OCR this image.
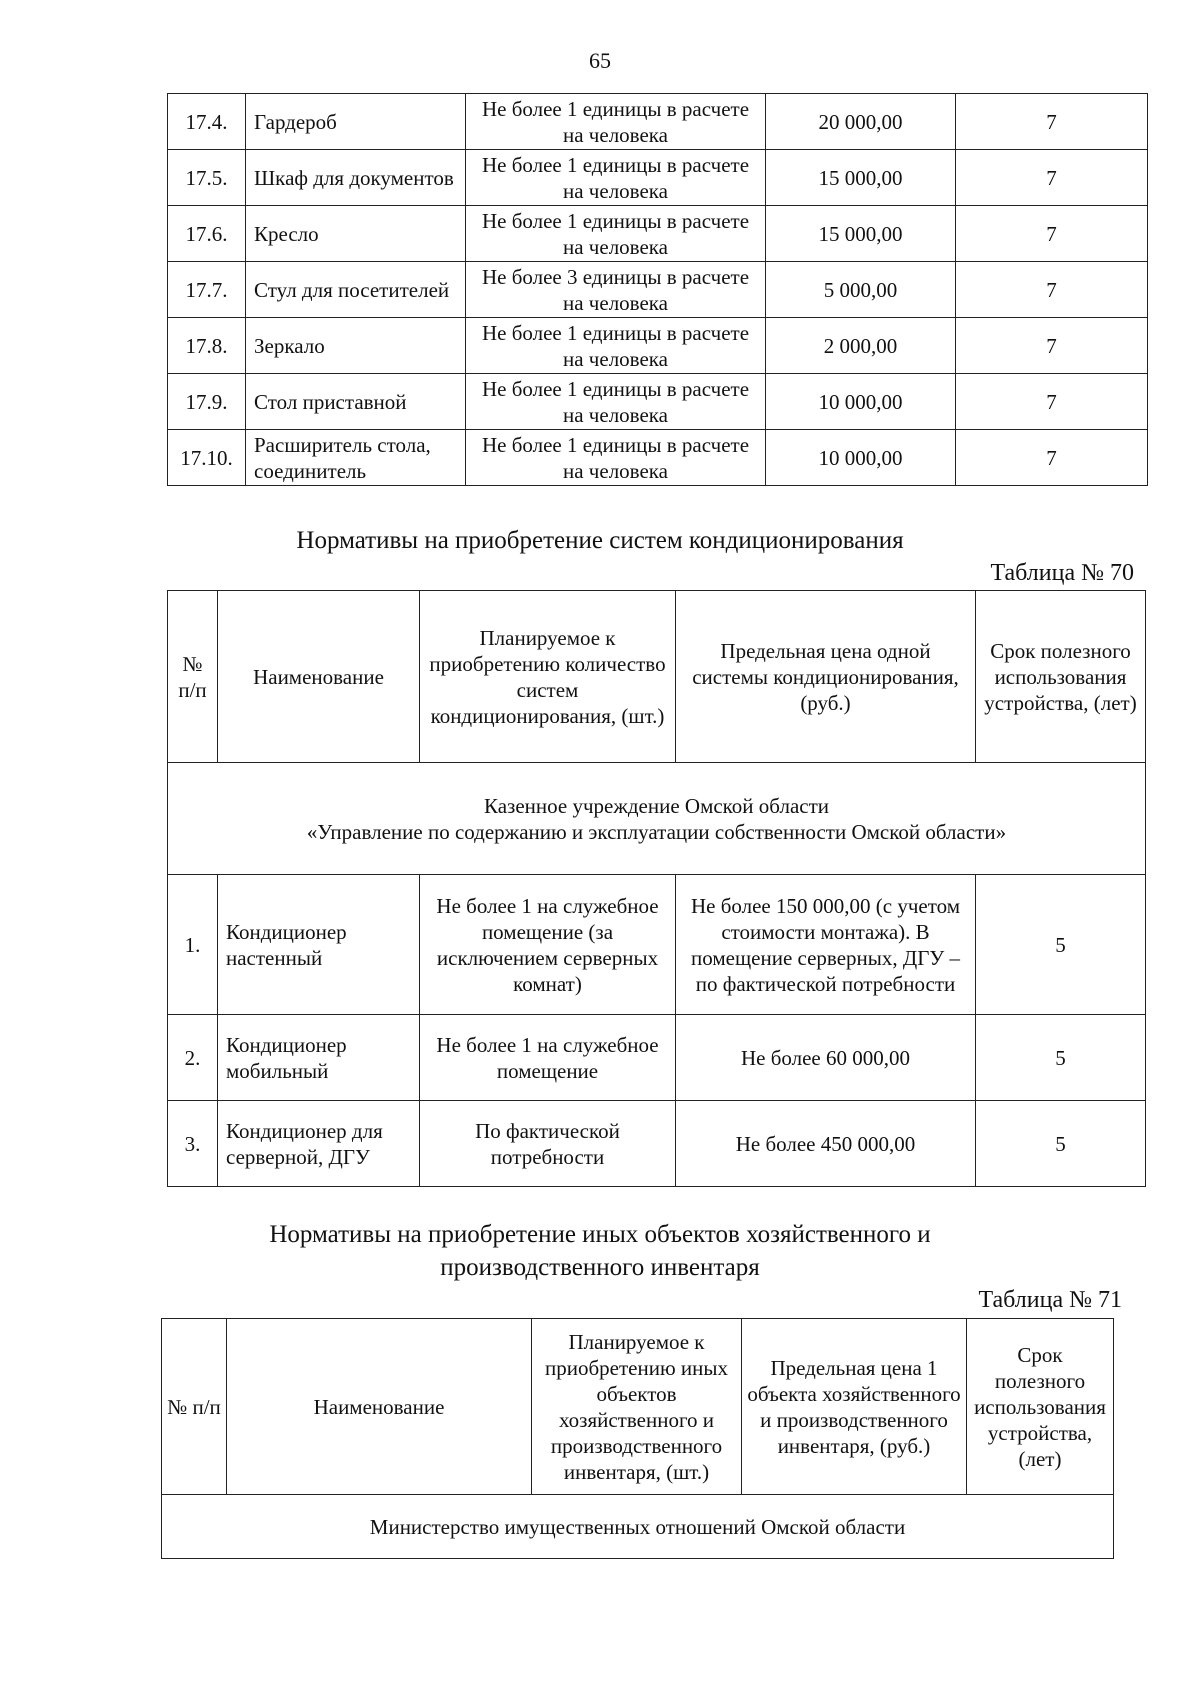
65
17.4.	Гардероб	Не более 1 единицы в расчете на человека	20 000,00	7
17.5.	Шкаф для документов	Не более 1 единицы в расчете на человека	15 000,00	7
17.6.	Кресло	Не более 1 единицы в расчете на человека	15 000,00	7
17.7.	Стул для посетителей	Не более 3 единицы в расчете на человека	5 000,00	7
17.8.	Зеркало	Не более 1 единицы в расчете на человека	2 000,00	7
17.9.	Стол приставной	Не более 1 единицы в расчете на человека	10 000,00	7
17.10.	Расширитель стола, соединитель	Не более 1 единицы в расчете на человека	10 000,00	7
Нормативы на приобретение систем кондиционирования
Таблица № 70
№ п/п	Наименование	Планируемое к приобретению количество систем кондиционирования, (шт.)	Предельная цена одной системы кондиционирования, (руб.)	Срок полезного использования устройства, (лет)

Казенное учреждение Омской области
«Управление по содержанию и эксплуатации собственности Омской области»				

1.	Кондиционер настенный	Не более 1 на служебное помещение (за исключением серверных комнат)	Не более 150 000,00 (с учетом стоимости монтажа). В помещение серверных, ДГУ – по фактической потребности	5
2.	Кондиционер мобильный	Не более 1 на служебное помещение	Не более 60 000,00	5
3.	Кондиционер для серверной, ДГУ	По фактической потребности	Не более 450 000,00	5
Нормативы на приобретение иных объектов хозяйственного и
производственного инвентаря
Таблица № 71
№ п/п	Наименование	Планируемое к приобретению иных объектов хозяйственного и производственного инвентаря, (шт.)	Предельная цена 1 объекта хозяйственного и производственного инвентаря, (руб.)	Срок полезного использования устройства, (лет)
Министерство имущественных отношений Омской области
